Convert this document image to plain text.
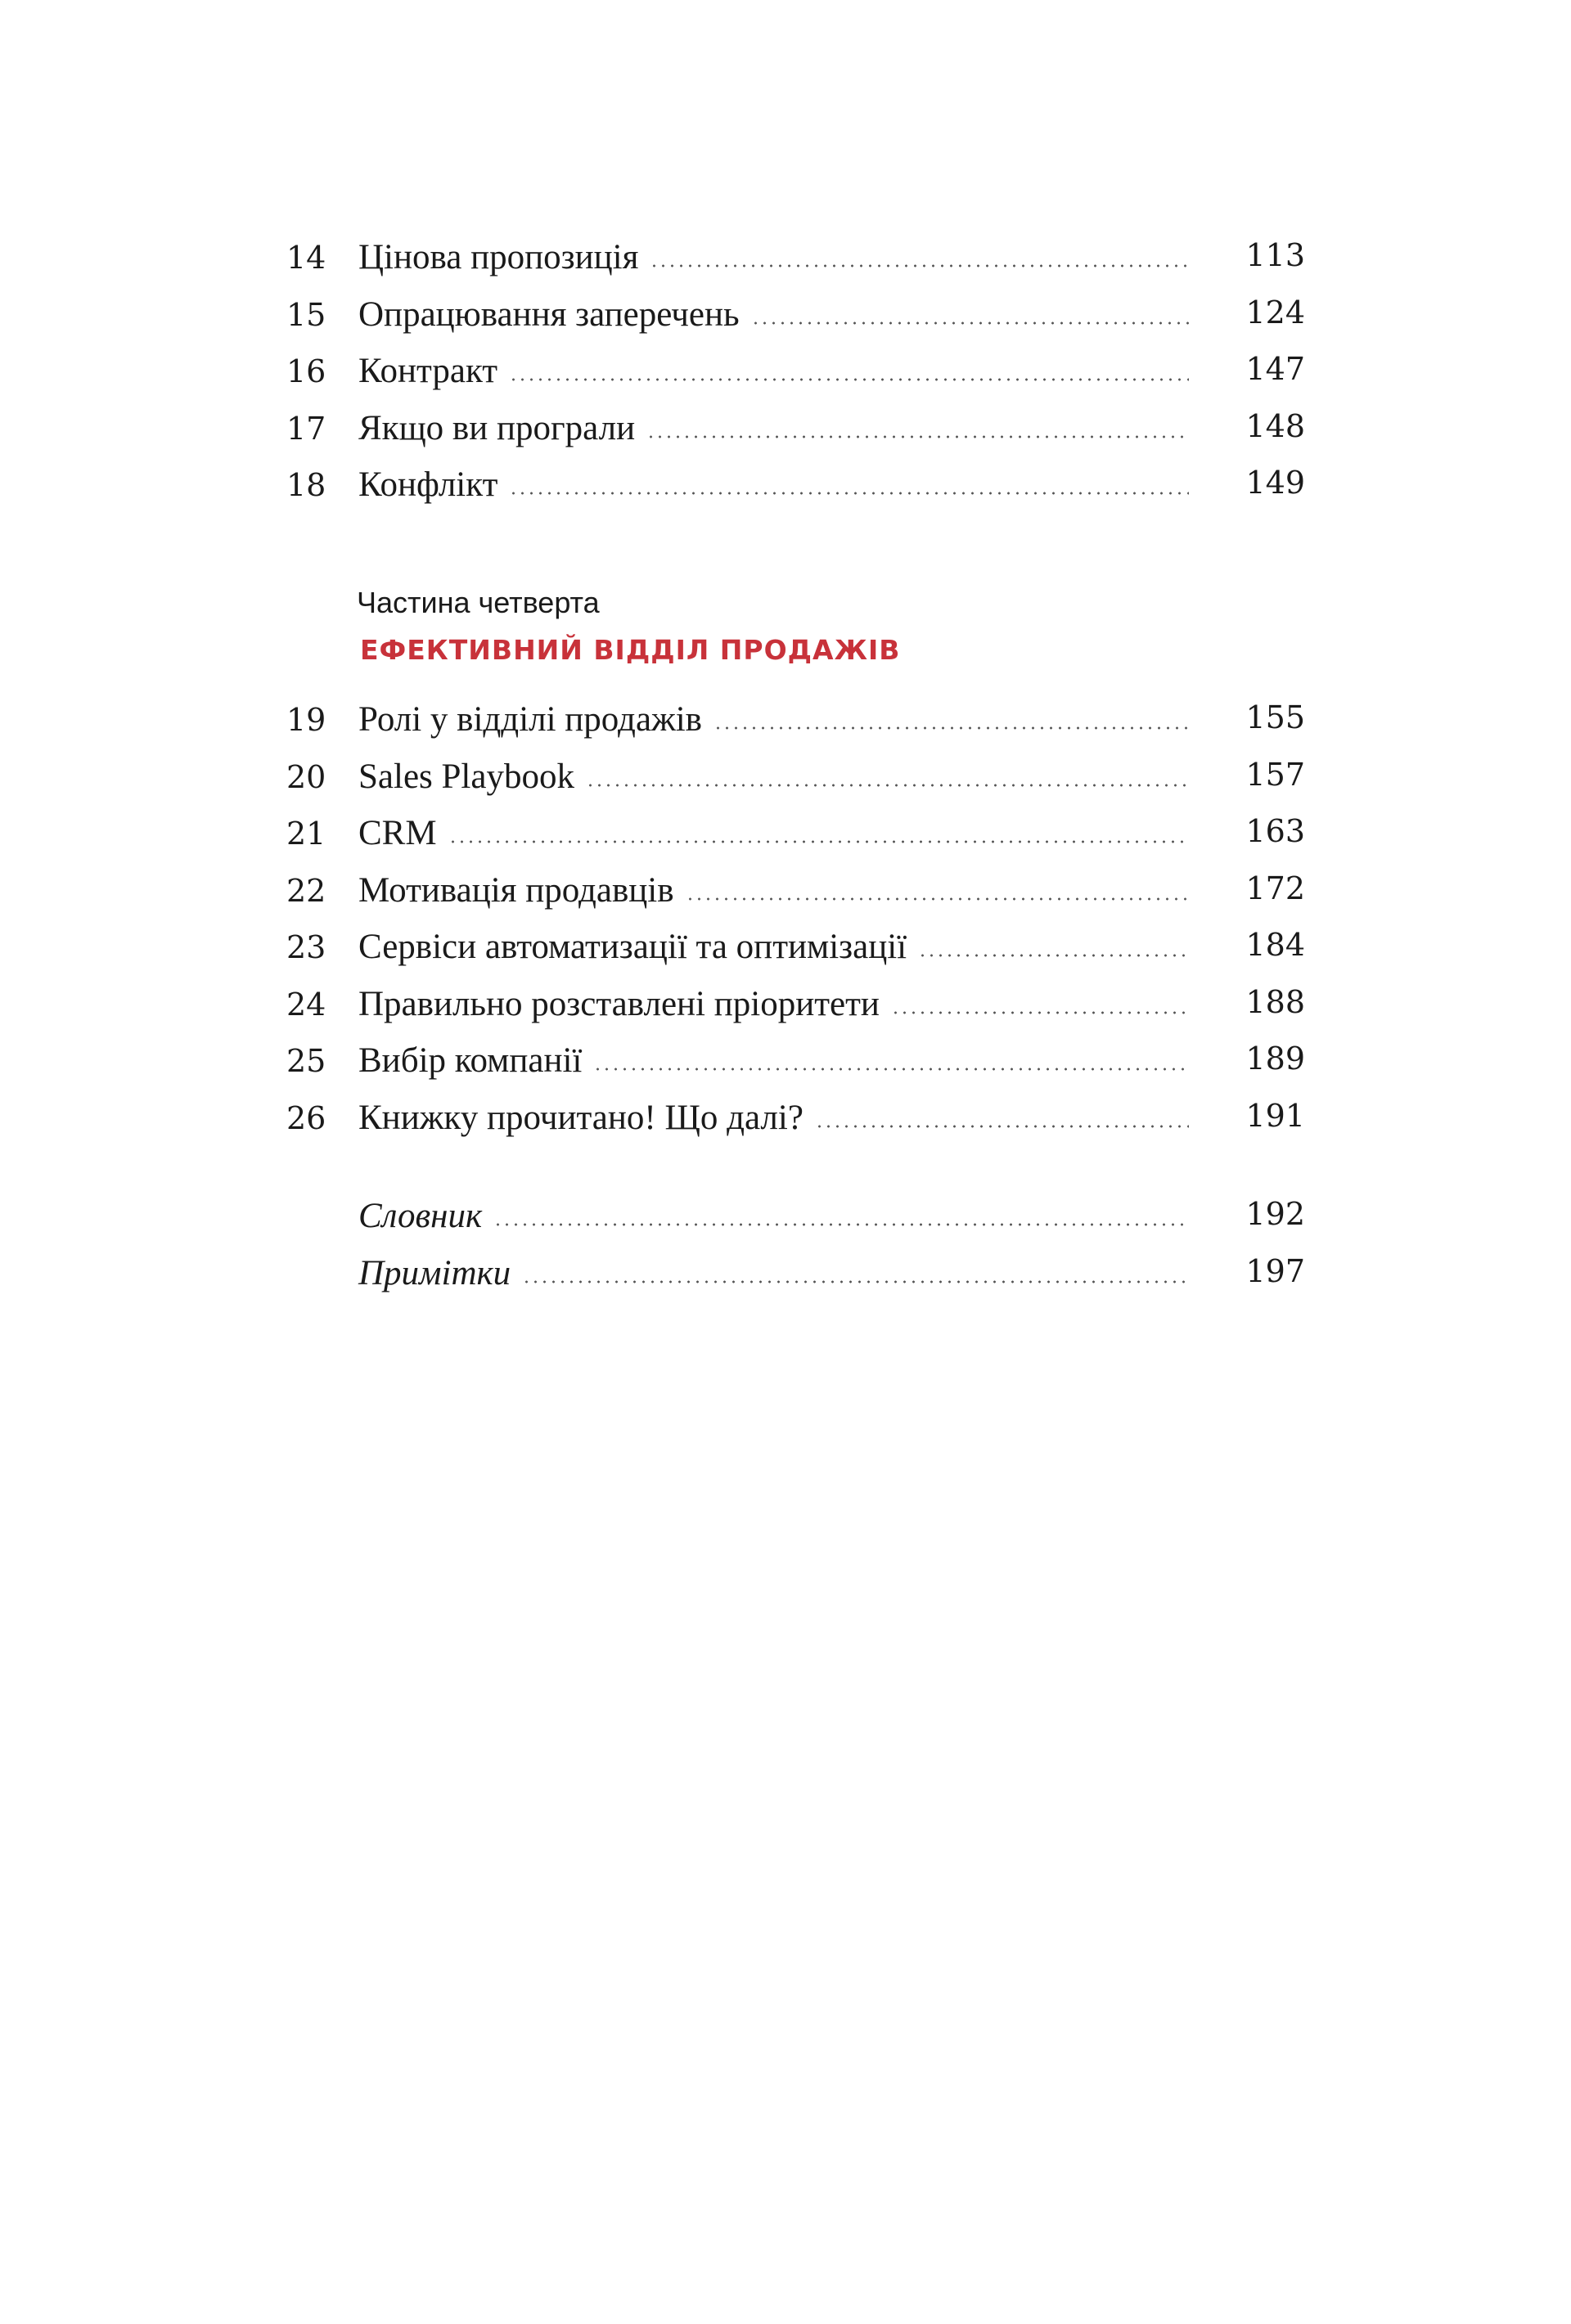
14 Цінова пропозиція	113
15 Опрацювання заперечень	124
16 Контракт	147
17 Якщо ви програли	148
18 Конфлікт	149
19 Ролі у відділі продажів	155
20 Sales Playbook	157
21 CRM	163
22 Мотивація продавців	172
23 Сервіси автоматизації та оптимізації	184
24 Правильно розставлені пріоритети	188
25 Вибір компанії	189
26 Книжку прочитано! Що далі?	191
Словник	192
Примітки	197
Частина четверта
ЕФЕКТИВНИЙ ВІДДІЛ ПРОДАЖІВ
